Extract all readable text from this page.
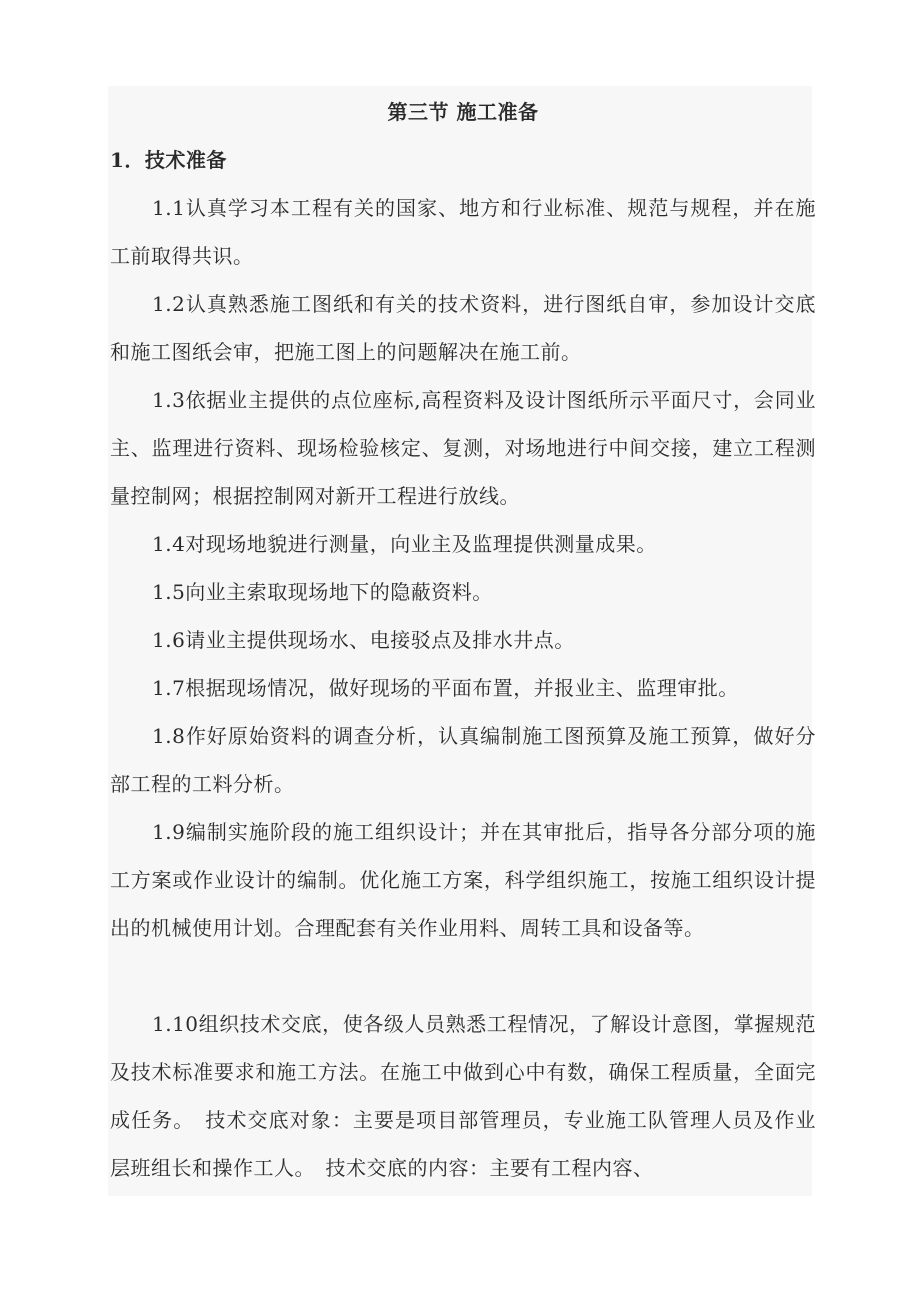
第三节 施工准备

1．技术准备

1.1认真学习本工程有关的国家、地方和行业标准、规范与规程，并在施工前取得共识。

1.2认真熟悉施工图纸和有关的技术资料，进行图纸自审，参加设计交底和施工图纸会审，把施工图上的问题解决在施工前。

1.3依据业主提供的点位座标,高程资料及设计图纸所示平面尺寸，会同业主、监理进行资料、现场检验核定、复测，对场地进行中间交接，建立工程测量控制网；根据控制网对新开工程进行放线。

1.4对现场地貌进行测量，向业主及监理提供测量成果。

1.5向业主索取现场地下的隐蔽资料。

1.6请业主提供现场水、电接驳点及排水井点。

1.7根据现场情况，做好现场的平面布置，并报业主、监理审批。

1.8作好原始资料的调查分析，认真编制施工图预算及施工预算，做好分部工程的工料分析。

1.9编制实施阶段的施工组织设计；并在其审批后，指导各分部分项的施工方案或作业设计的编制。优化施工方案，科学组织施工，按施工组织设计提出的机械使用计划。合理配套有关作业用料、周转工具和设备等。

1.10组织技术交底，使各级人员熟悉工程情况，了解设计意图，掌握规范及技术标准要求和施工方法。在施工中做到心中有数，确保工程质量，全面完成任务。　技术交底对象：主要是项目部管理员，专业施工队管理人员及作业层班组长和操作工人。　技术交底的内容：主要有工程内容、
